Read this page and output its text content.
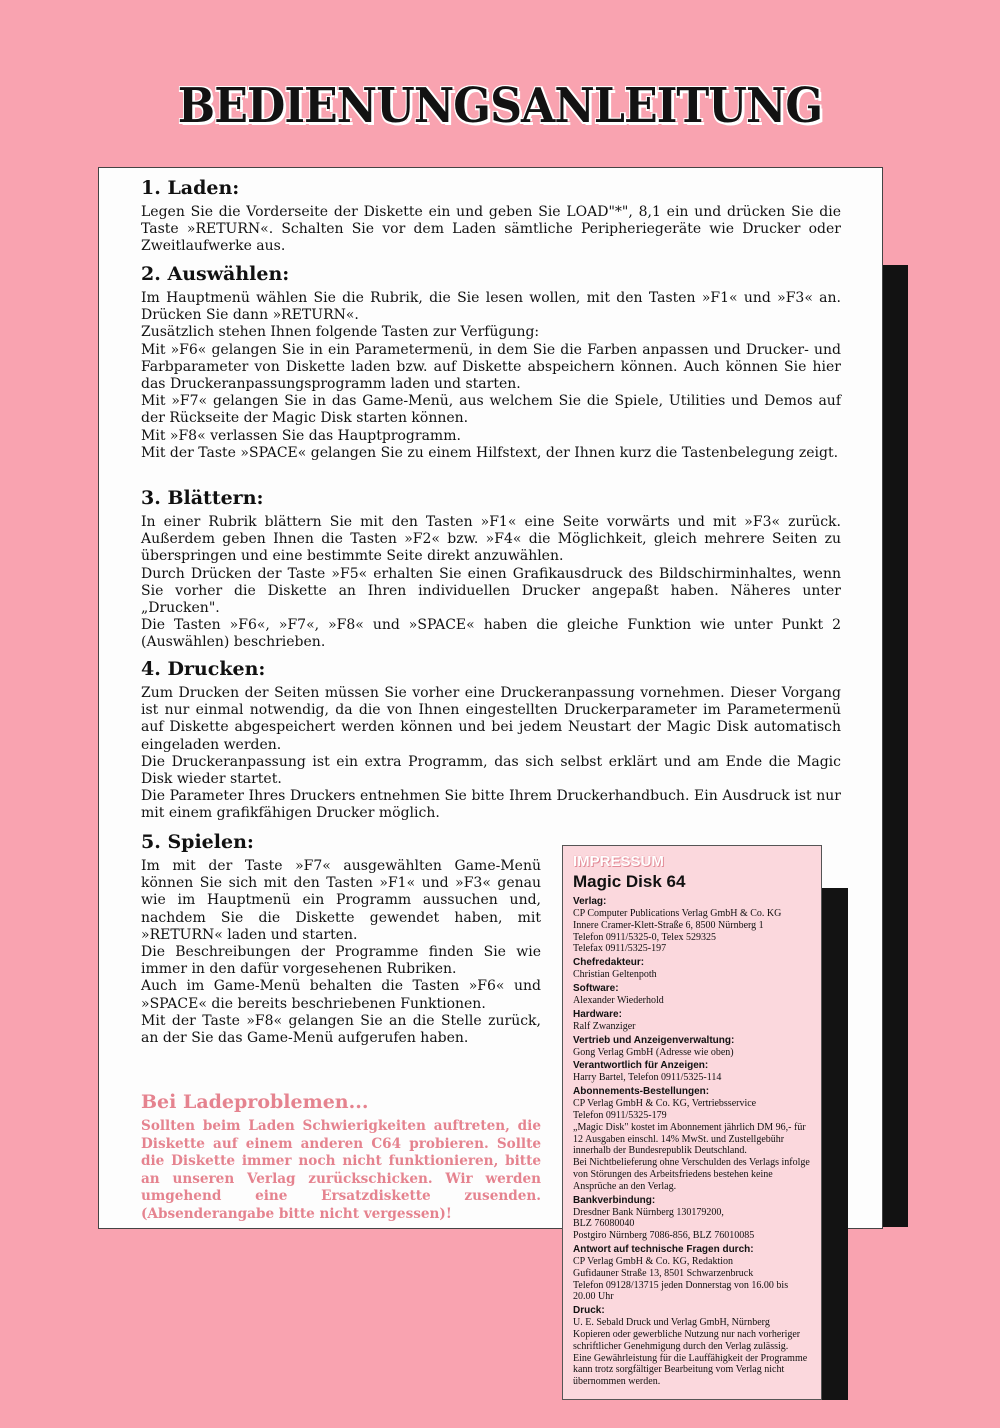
BEDIENUNGSANLEITUNG
1. Laden:

Legen Sie die Vorderseite der Diskette ein und geben Sie LOAD"*", 8,1 ein und drücken Sie die Taste »RETURN«. Schalten Sie vor dem Laden sämtliche Peripheriegeräte wie Drucker oder Zweitlaufwerke aus.

2. Auswählen:

Im Hauptmenü wählen Sie die Rubrik, die Sie lesen wollen, mit den Tasten »F1« und »F3« an. Drücken Sie dann »RETURN«.
Zusätzlich stehen Ihnen folgende Tasten zur Verfügung:
Mit »F6« gelangen Sie in ein Parametermenü, in dem Sie die Farben anpassen und Drucker- und Farbparameter von Diskette laden bzw. auf Diskette abspeichern können. Auch können Sie hier das Druckeranpassungsprogramm laden und starten.
Mit »F7« gelangen Sie in das Game-Menü, aus welchem Sie die Spiele, Utilities und Demos auf der Rückseite der Magic Disk starten können.
Mit »F8« verlassen Sie das Hauptprogramm.
Mit der Taste »SPACE« gelangen Sie zu einem Hilfstext, der Ihnen kurz die Tastenbelegung zeigt.

3. Blättern:

In einer Rubrik blättern Sie mit den Tasten »F1« eine Seite vorwärts und mit »F3« zurück. Außerdem geben Ihnen die Tasten »F2« bzw. »F4« die Möglichkeit, gleich mehrere Seiten zu überspringen und eine bestimmte Seite direkt anzuwählen.
Durch Drücken der Taste »F5« erhalten Sie einen Grafikausdruck des Bildschirminhaltes, wenn Sie vorher die Diskette an Ihren individuellen Drucker angepaßt haben. Näheres unter „Drucken".
Die Tasten »F6«, »F7«, »F8« und »SPACE« haben die gleiche Funktion wie unter Punkt 2 (Auswählen) beschrieben.

4. Drucken:

Zum Drucken der Seiten müssen Sie vorher eine Druckeranpassung vornehmen. Dieser Vorgang ist nur einmal notwendig, da die von Ihnen eingestellten Druckerparameter im Parametermenü auf Diskette abgespeichert werden können und bei jedem Neustart der Magic Disk automatisch eingeladen werden.
Die Druckeranpassung ist ein extra Programm, das sich selbst erklärt und am Ende die Magic Disk wieder startet.
Die Parameter Ihres Druckers entnehmen Sie bitte Ihrem Druckerhandbuch. Ein Ausdruck ist nur mit einem grafikfähigen Drucker möglich.

5. Spielen:

Im mit der Taste »F7« ausgewählten Game-Menü können Sie sich mit den Tasten »F1« und »F3« genau wie im Hauptmenü ein Programm aussuchen und, nachdem Sie die Diskette gewendet haben, mit »RETURN« laden und starten.
Die Beschreibungen der Programme finden Sie wie immer in den dafür vorgesehenen Rubriken.
Auch im Game-Menü behalten die Tasten »F6« und »SPACE« die bereits beschriebenen Funktionen.
Mit der Taste »F8« gelangen Sie an die Stelle zurück, an der Sie das Game-Menü aufgerufen haben.

Bei Ladeproblemen...

Sollten beim Laden Schwierigkeiten auftreten, die Diskette auf einem anderen C64 probieren. Sollte die Diskette immer noch nicht funktionieren, bitte an unseren Verlag zurückschicken. Wir werden umgehend eine Ersatzdiskette zusenden.(Absenderangabe bitte nicht vergessen)!

IMPRESSUM

Magic Disk 64

Verlag:

CP Computer Publications Verlag GmbH & Co. KG
Innere Cramer-Klett-Straße 6, 8500 Nürnberg 1
Telefon 0911/5325-0, Telex 529325
Telefax 0911/5325-197

Chefredakteur:

Christian Geltenpoth

Software:

Alexander Wiederhold

Hardware:

Ralf Zwanziger

Vertrieb und Anzeigenverwaltung:

Gong Verlag GmbH (Adresse wie oben)

Verantwortlich für Anzeigen:

Harry Bartel, Telefon 0911/5325-114

Abonnements-Bestellungen:

CP Verlag GmbH & Co. KG, Vertriebsservice
Telefon 0911/5325-179
„Magic Disk" kostet im Abonnement jährlich DM 96,- für 12 Ausgaben einschl. 14% MwSt. und Zustellgebühr innerhalb der Bundesrepublik Deutschland.
Bei Nichtbelieferung ohne Verschulden des Verlags infolge von Störungen des Arbeitsfriedens bestehen keine Ansprüche an den Verlag.

Bankverbindung:

Dresdner Bank Nürnberg 130179200,
BLZ 76080040
Postgiro Nürnberg 7086-856, BLZ 76010085

Antwort auf technische Fragen durch:

CP Verlag GmbH & Co. KG, Redaktion
Gufidauner Straße 13, 8501 Schwarzenbruck
Telefon 09128/13715 jeden Donnerstag von 16.00 bis 20.00 Uhr

Druck:

U. E. Sebald Druck und Verlag GmbH, Nürnberg
Kopieren oder gewerbliche Nutzung nur nach vorheriger schriftlicher Genehmigung durch den Verlag zulässig.
Eine Gewährleistung für die Lauffähigkeit der Programme kann trotz sorgfältiger Bearbeitung vom Verlag nicht übernommen werden.
